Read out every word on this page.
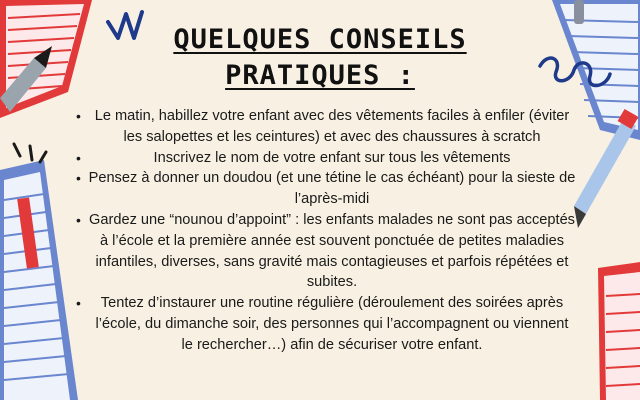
QUELQUES CONSEILS
PRATIQUES :
• Le matin, habillez votre enfant avec des vêtements faciles à enfiler (éviter les salopettes et les ceintures) et avec des chaussures à scratch
•	Inscrivez le nom de votre enfant sur tous les vêtements
• Pensez à donner un doudou (et une tétine le cas échéant) pour la sieste de l’après-midi
• Gardez une “nounou d’appoint” : les enfants malades ne sont pas acceptés à l’école et la première année est souvent ponctuée de petites maladies infantiles, diverses, sans gravité mais contagieuses et parfois répétées et subites.
• Tentez d’instaurer une routine régulière (déroulement des soirées après l’école, du dimanche soir, des personnes qui l’accompagnent ou viennent le rechercher…) afin de sécuriser votre enfant.
